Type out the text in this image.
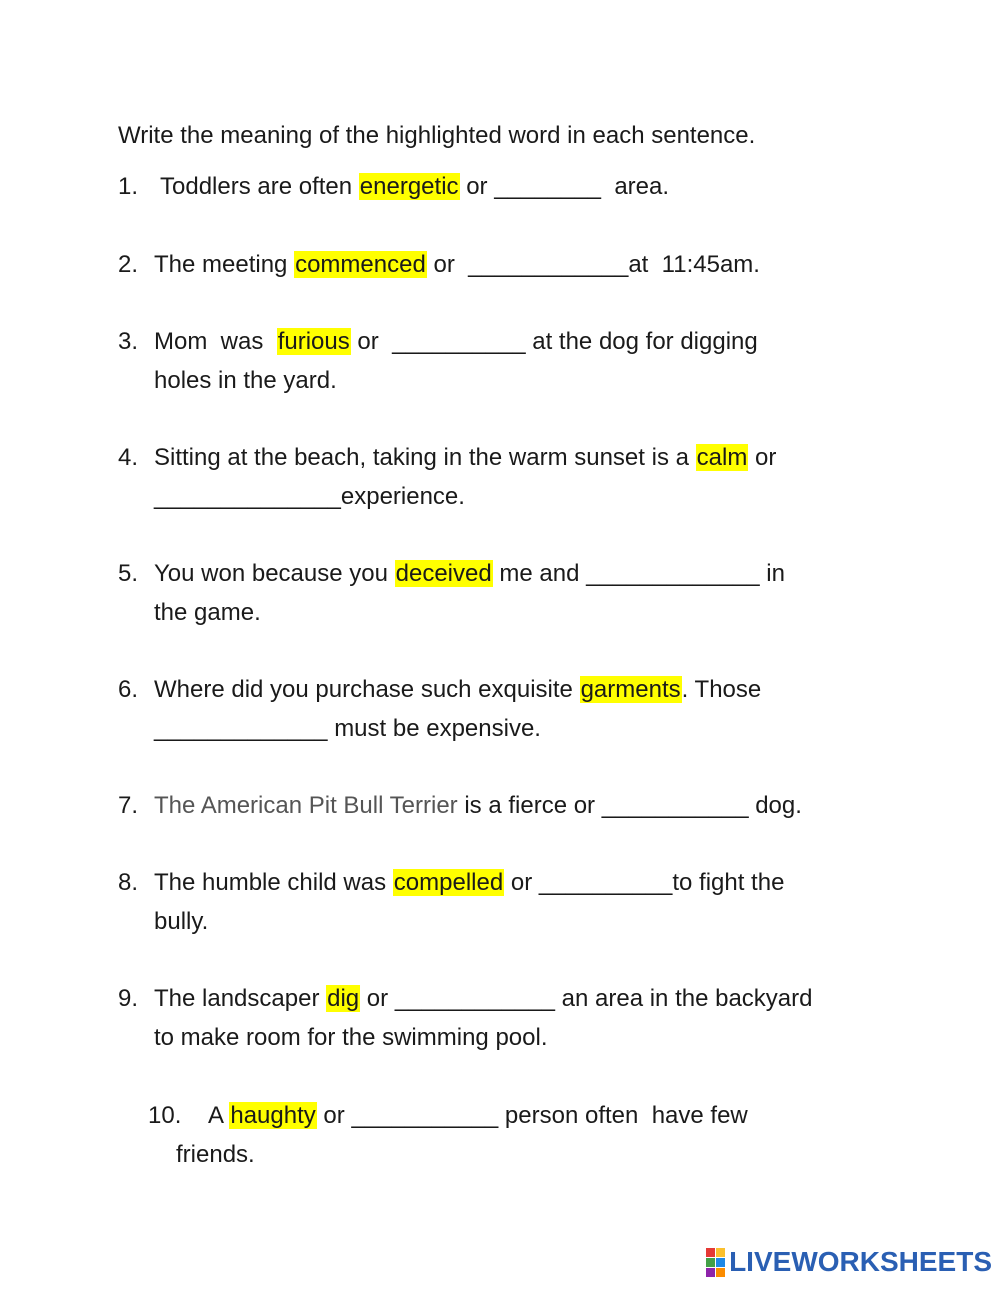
Write the meaning of the highlighted word in each sentence.
1. Toddlers are often energetic or ________  area.
2. The meeting commenced or  ____________at  11:45am.
3. Mom  was  furious or  __________ at the dog for digging
holes in the yard.
4. Sitting at the beach, taking in the warm sunset is a calm or
______________experience.
5. You won because you deceived me and _____________ in
the game.
6. Where did you purchase such exquisite garments. Those
_____________ must be expensive.
7. The American Pit Bull Terrier is a fierce or ___________ dog.
8. The humble child was compelled or __________to fight the
bully.
9. The landscaper dig or ____________ an area in the backyard
to make room for the swimming pool.
10. A haughty or ___________ person often  have few
friends.
LIVEWORKSHEETS
